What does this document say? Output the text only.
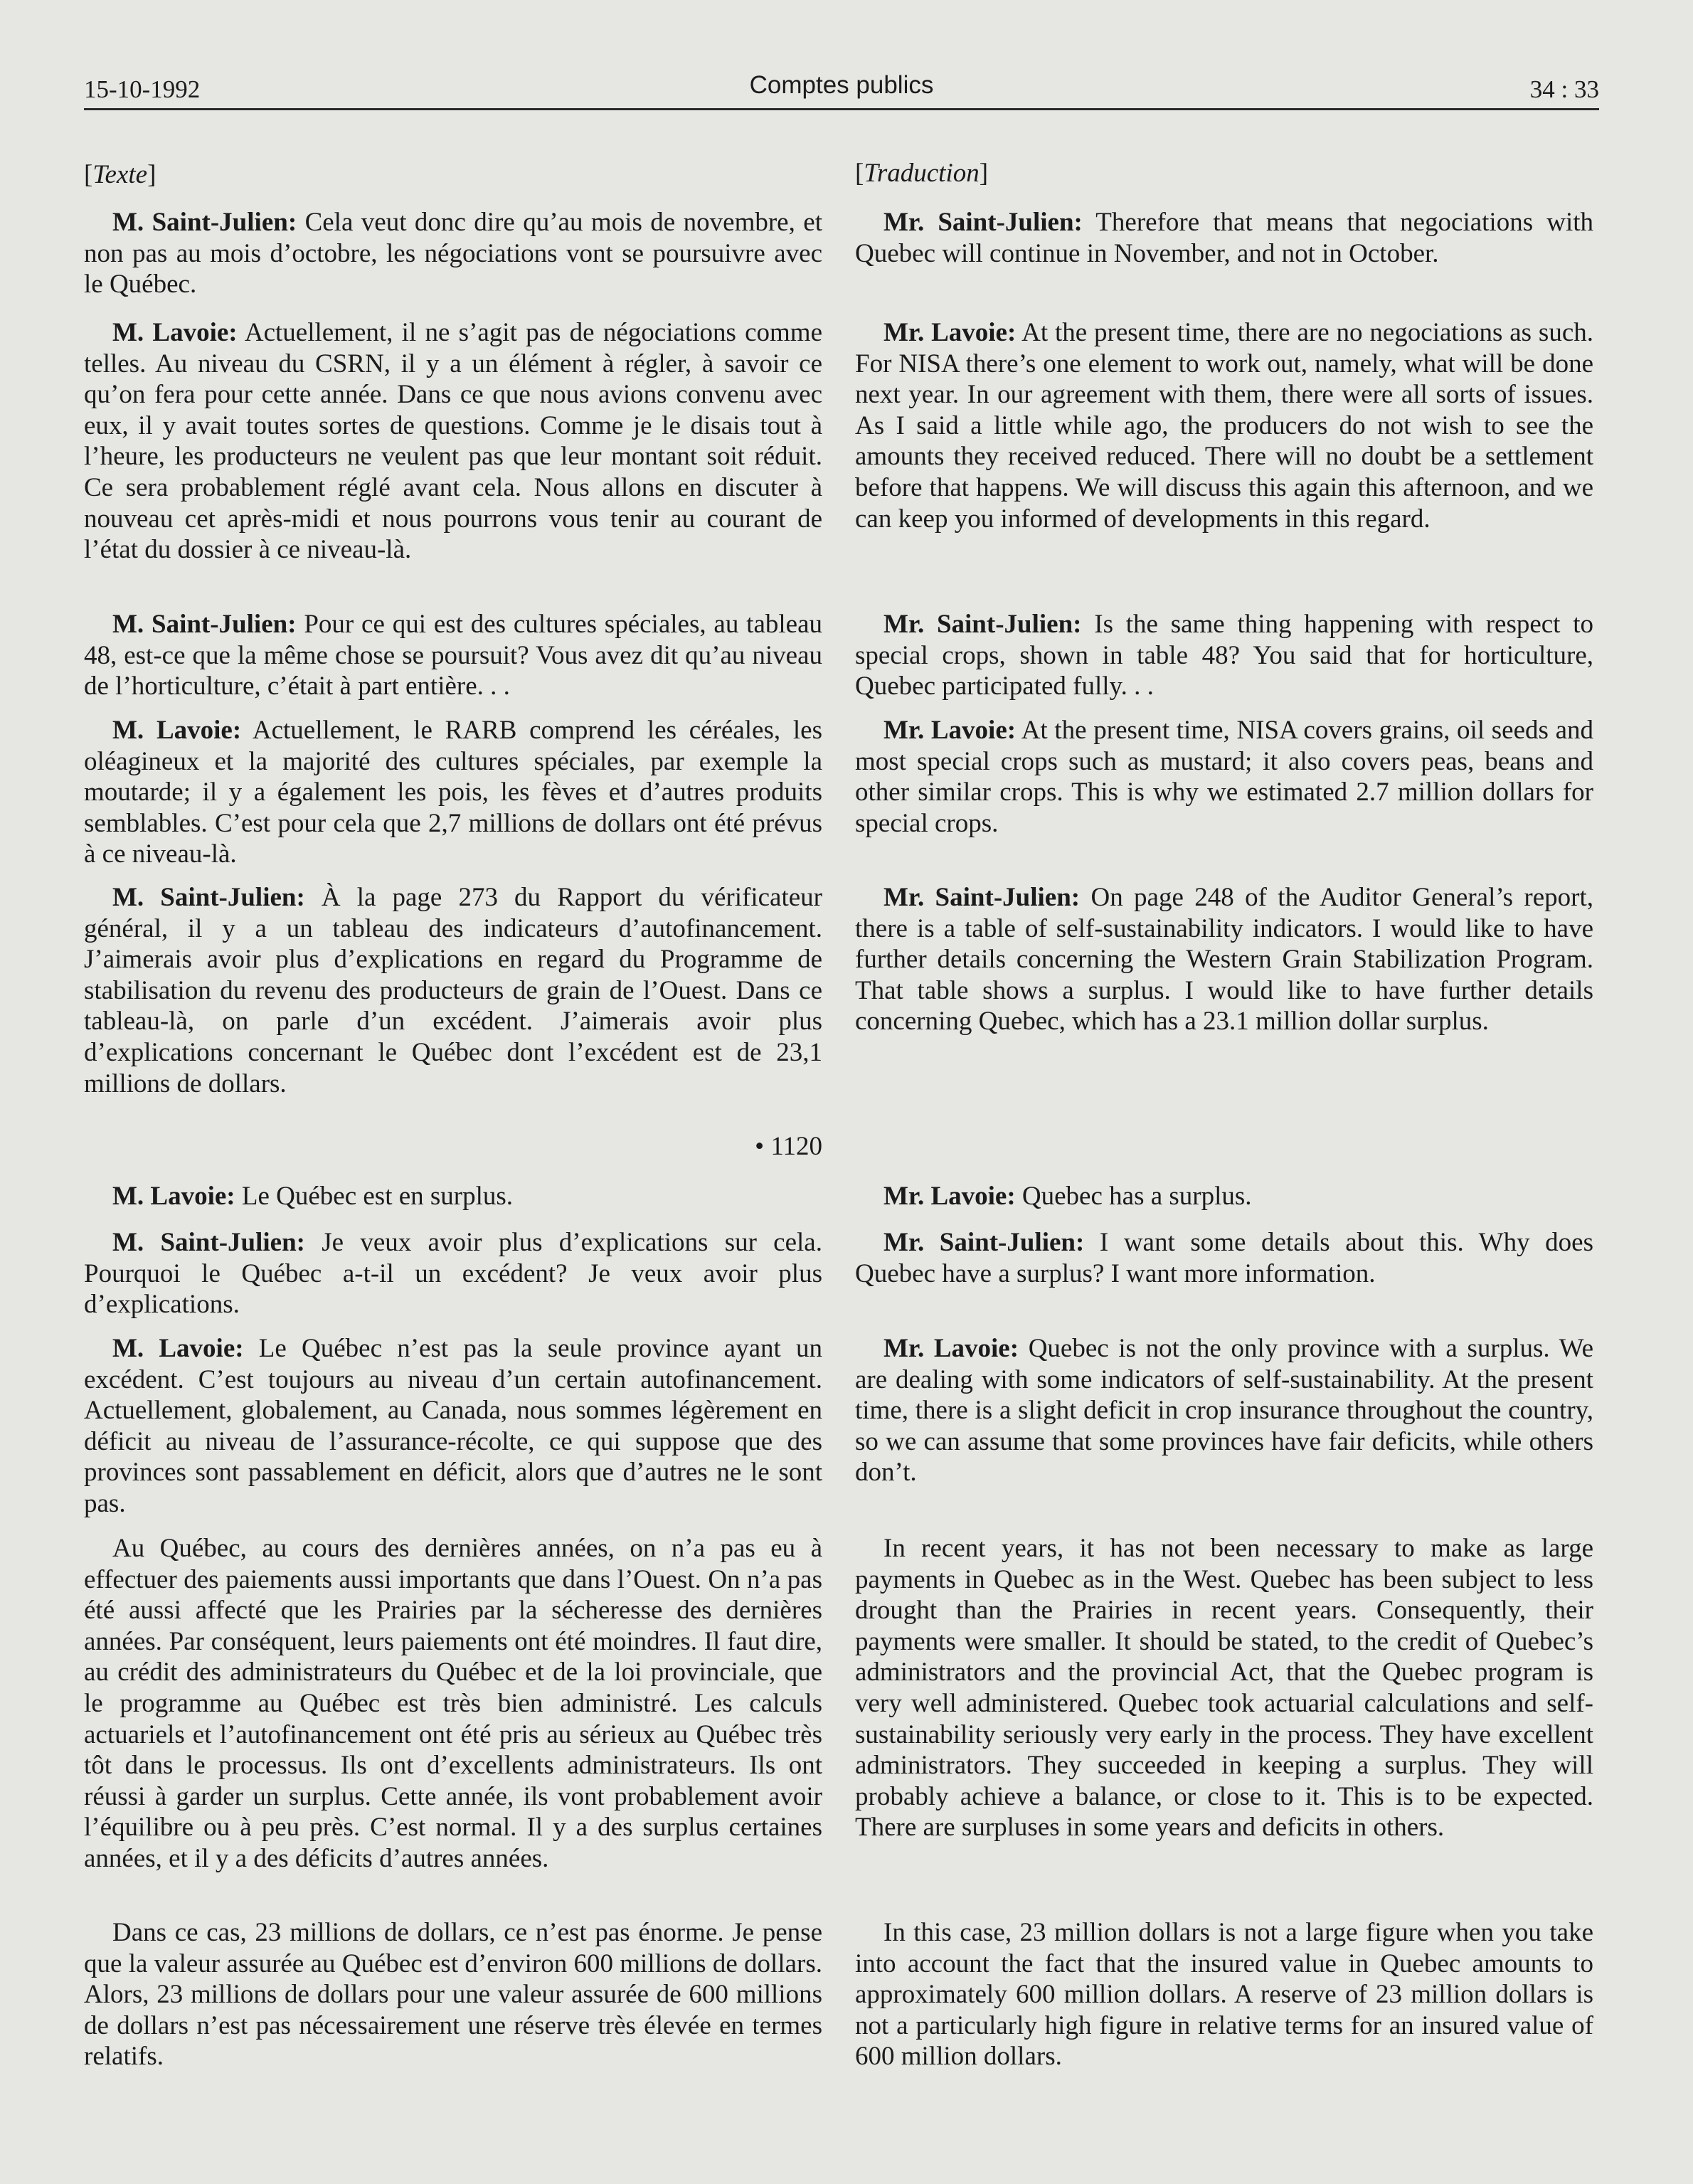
15-10-1992	Comptes publics	34 : 33

[Texte]

M. Saint-Julien: Cela veut donc dire qu’au mois de novembre, et non pas au mois d’octobre, les négociations vont se poursuivre avec le Québec.

M. Lavoie: Actuellement, il ne s’agit pas de négociations comme telles. Au niveau du CSRN, il y a un élément à régler, à savoir ce qu’on fera pour cette année. Dans ce que nous avions convenu avec eux, il y avait toutes sortes de questions. Comme je le disais tout à l’heure, les producteurs ne veulent pas que leur montant soit réduit. Ce sera probablement réglé avant cela. Nous allons en discuter à nouveau cet après-midi et nous pourrons vous tenir au courant de l’état du dossier à ce niveau-là.

M. Saint-Julien: Pour ce qui est des cultures spéciales, au tableau 48, est-ce que la même chose se poursuit? Vous avez dit qu’au niveau de l’horticulture, c’était à part entière. . .

M. Lavoie: Actuellement, le RARB comprend les céréales, les oléagineux et la majorité des cultures spéciales, par exemple la moutarde; il y a également les pois, les fèves et d’autres produits semblables. C’est pour cela que 2,7 millions de dollars ont été prévus à ce niveau-là.

M. Saint-Julien: À la page 273 du Rapport du vérificateur général, il y a un tableau des indicateurs d’autofinancement. J’aimerais avoir plus d’explications en regard du Programme de stabilisation du revenu des producteurs de grain de l’Ouest. Dans ce tableau-là, on parle d’un excédent. J’aimerais avoir plus d’explications concernant le Québec dont l’excédent est de 23,1 millions de dollars.

• 1120

M. Lavoie: Le Québec est en surplus.

M. Saint-Julien: Je veux avoir plus d’explications sur cela. Pourquoi le Québec a-t-il un excédent? Je veux avoir plus d’explications.

M. Lavoie: Le Québec n’est pas la seule province ayant un excédent. C’est toujours au niveau d’un certain autofinancement. Actuellement, globalement, au Canada, nous sommes légèrement en déficit au niveau de l’assurance-récolte, ce qui suppose que des provinces sont passablement en déficit, alors que d’autres ne le sont pas.

Au Québec, au cours des dernières années, on n’a pas eu à effectuer des paiements aussi importants que dans l’Ouest. On n’a pas été aussi affecté que les Prairies par la sécheresse des dernières années. Par conséquent, leurs paiements ont été moindres. Il faut dire, au crédit des administrateurs du Québec et de la loi provinciale, que le programme au Québec est très bien administré. Les calculs actuariels et l’autofinancement ont été pris au sérieux au Québec très tôt dans le processus. Ils ont d’excellents administrateurs. Ils ont réussi à garder un surplus. Cette année, ils vont probablement avoir l’équilibre ou à peu près. C’est normal. Il y a des surplus certaines années, et il y a des déficits d’autres années.

Dans ce cas, 23 millions de dollars, ce n’est pas énorme. Je pense que la valeur assurée au Québec est d’environ 600 millions de dollars. Alors, 23 millions de dollars pour une valeur assurée de 600 millions de dollars n’est pas nécessairement une réserve très élevée en termes relatifs.

[Traduction]

Mr. Saint-Julien: Therefore that means that negociations with Quebec will continue in November, and not in October.

Mr. Lavoie: At the present time, there are no negociations as such. For NISA there’s one element to work out, namely, what will be done next year. In our agreement with them, there were all sorts of issues. As I said a little while ago, the producers do not wish to see the amounts they received reduced. There will no doubt be a settlement before that happens. We will discuss this again this afternoon, and we can keep you informed of developments in this regard.

Mr. Saint-Julien: Is the same thing happening with respect to special crops, shown in table 48? You said that for horticulture, Quebec participated fully. . .

Mr. Lavoie: At the present time, NISA covers grains, oil seeds and most special crops such as mustard; it also covers peas, beans and other similar crops. This is why we estimated 2.7 million dollars for special crops.

Mr. Saint-Julien: On page 248 of the Auditor General’s report, there is a table of self-sustainability indicators. I would like to have further details concerning the Western Grain Stabilization Program. That table shows a surplus. I would like to have further details concerning Quebec, which has a 23.1 million dollar surplus.

Mr. Lavoie: Quebec has a surplus.

Mr. Saint-Julien: I want some details about this. Why does Quebec have a surplus? I want more information.

Mr. Lavoie: Quebec is not the only province with a surplus. We are dealing with some indicators of self-sustainability. At the present time, there is a slight deficit in crop insurance throughout the country, so we can assume that some provinces have fair deficits, while others don’t.

In recent years, it has not been necessary to make as large payments in Quebec as in the West. Quebec has been subject to less drought than the Prairies in recent years. Consequently, their payments were smaller. It should be stated, to the credit of Quebec’s administrators and the provincial Act, that the Quebec program is very well administered. Quebec took actuarial calculations and self-sustainability seriously very early in the process. They have excellent administrators. They succeeded in keeping a surplus. They will probably achieve a balance, or close to it. This is to be expected. There are surpluses in some years and deficits in others.

In this case, 23 million dollars is not a large figure when you take into account the fact that the insured value in Quebec amounts to approximately 600 million dollars. A reserve of 23 million dollars is not a particularly high figure in relative terms for an insured value of 600 million dollars.
